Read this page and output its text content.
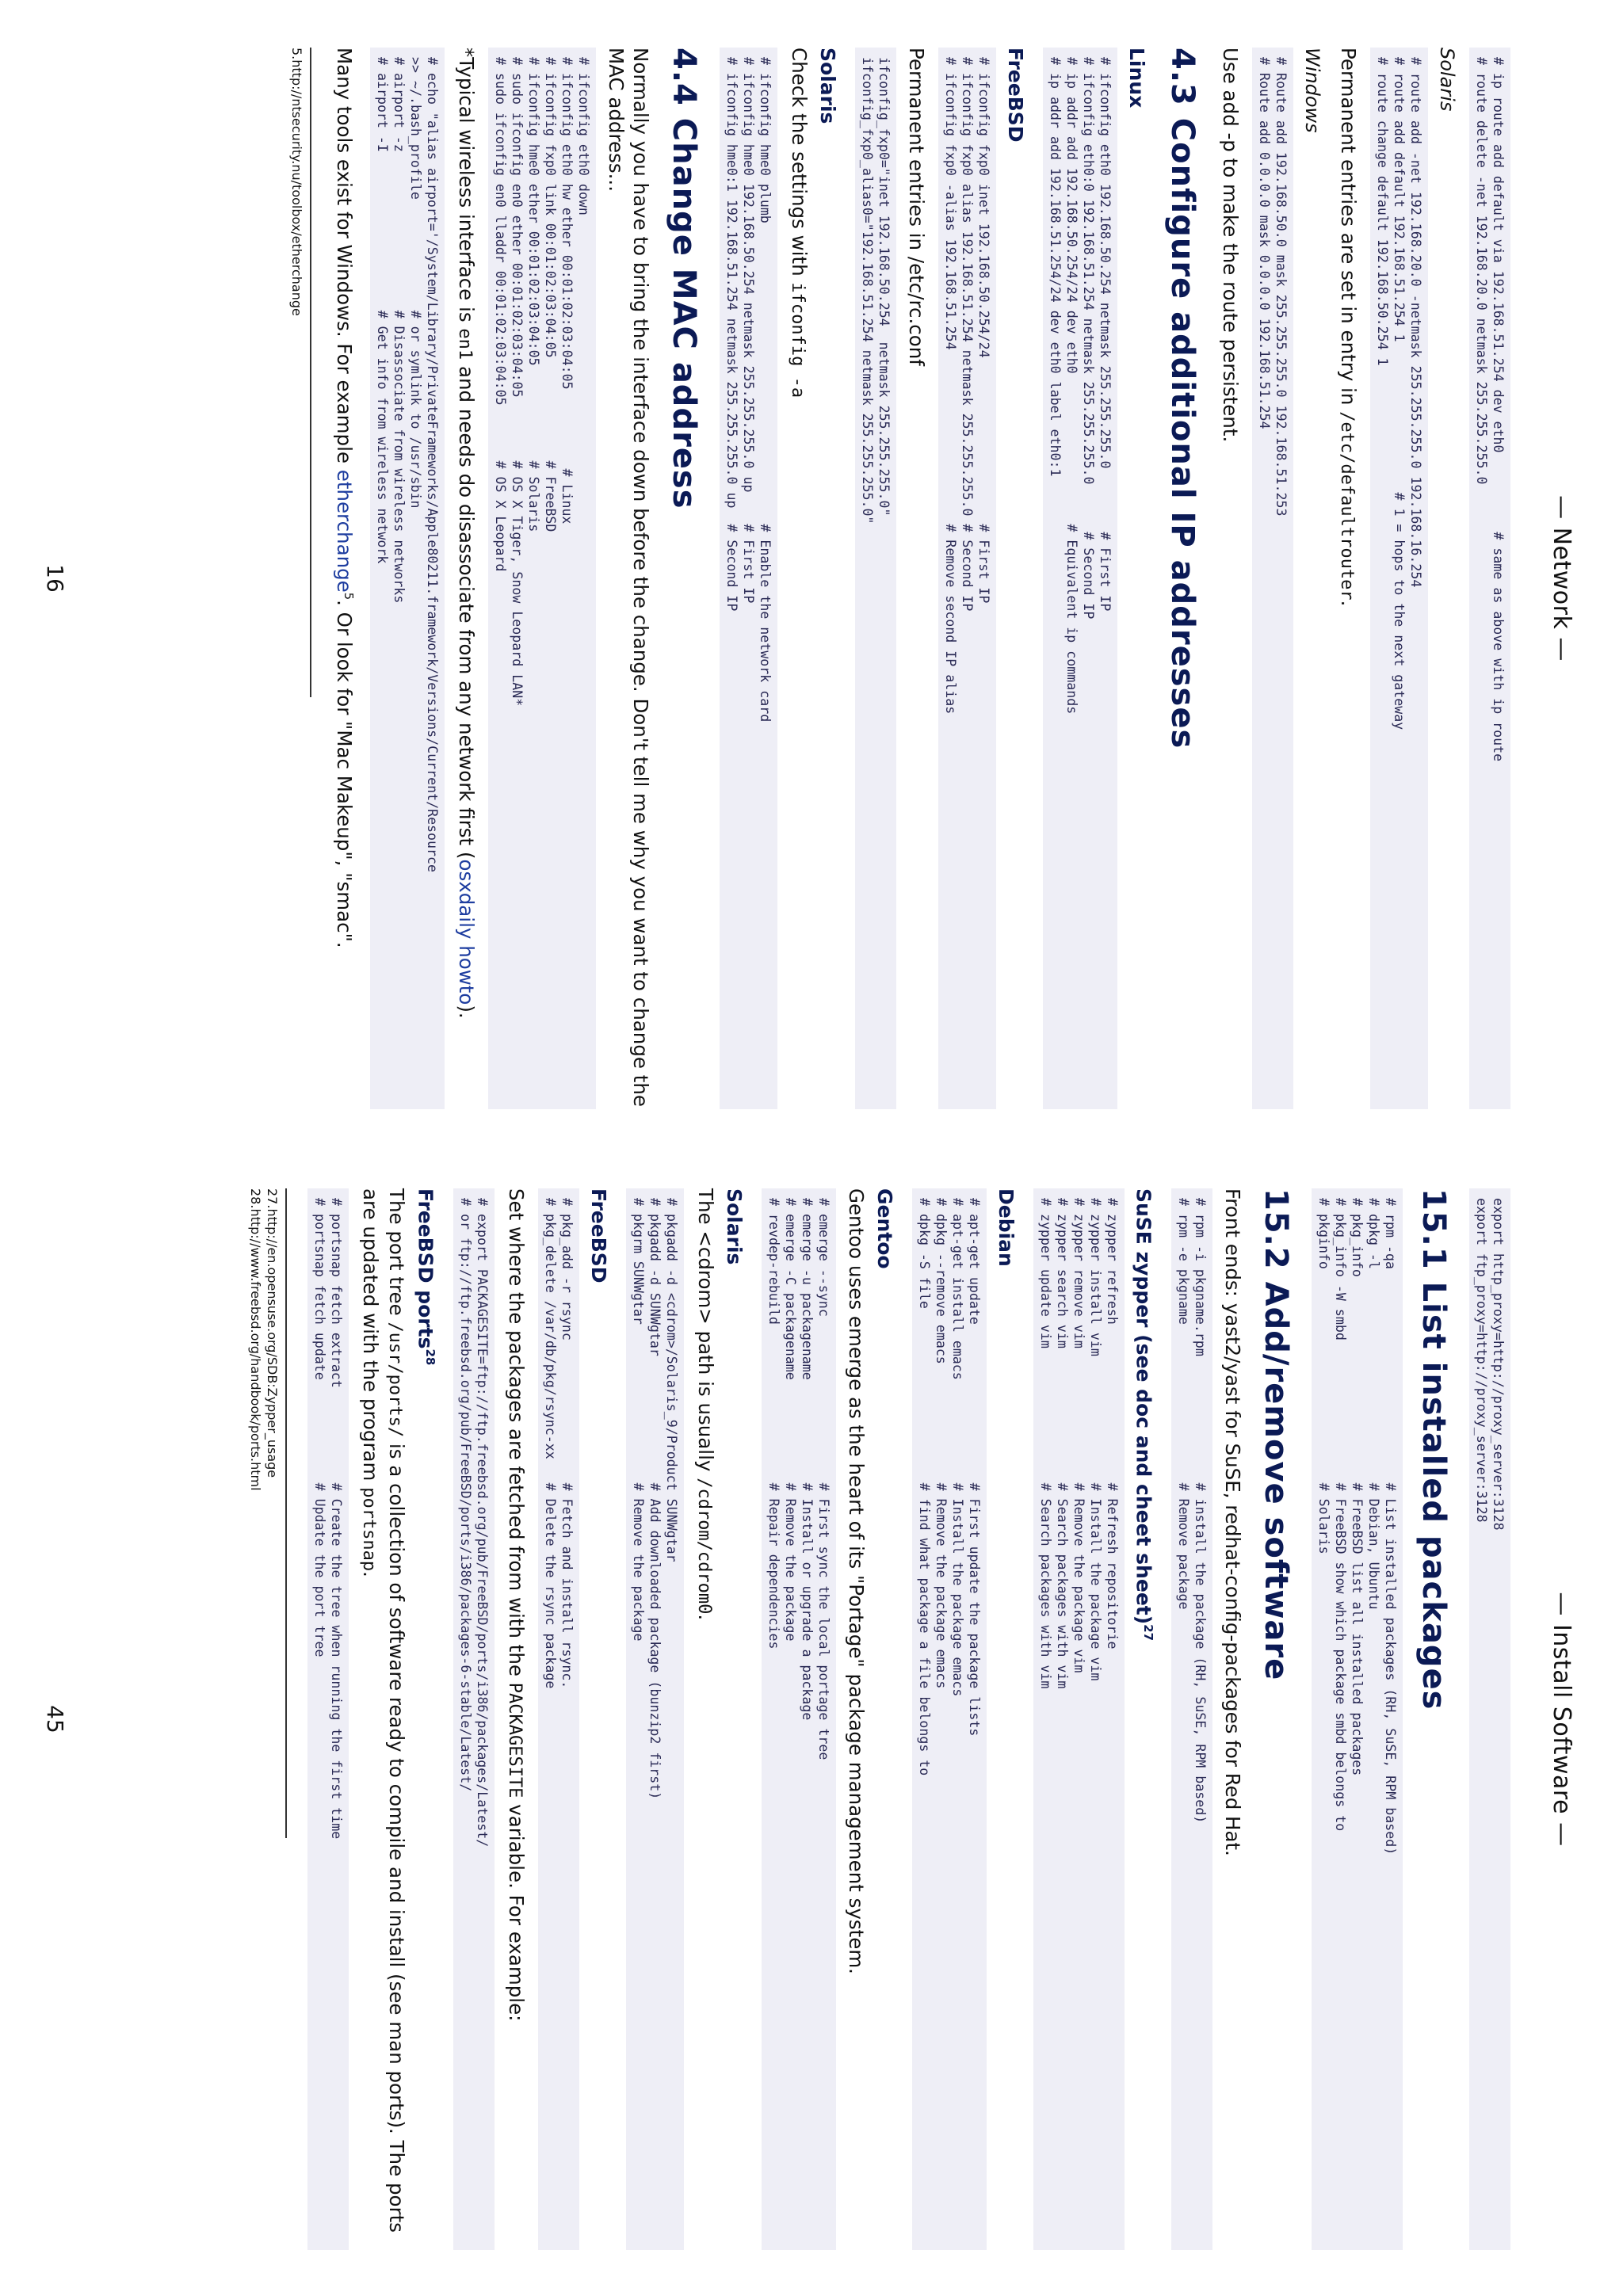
— Network —
# ip route add default via 192.168.51.254 dev eth0          # same as above with ip route
# route delete -net 192.168.20.0 netmask 255.255.255.0
Solaris
# route add -net 192.168.20.0 -netmask 255.255.255.0 192.168.16.254
# route add default 192.168.51.254 1                   # 1 = hops to the next gateway
# route change default 192.168.50.254 1
Permanent entries are set in entry in /etc/defaultrouter.
Windows
# Route add 192.168.50.0 mask 255.255.255.0 192.168.51.253
# Route add 0.0.0.0 mask 0.0.0.0 192.168.51.254
Use add -p to make the route persistent.
4.3 Configure additional IP addresses
Linux
# ifconfig eth0 192.168.50.254 netmask 255.255.255.0        # First IP
# ifconfig eth0:0 192.168.51.254 netmask 255.255.255.0      # Second IP
# ip addr add 192.168.50.254/24 dev eth0                   # Equivalent ip commands
# ip addr add 192.168.51.254/24 dev eth0 label eth0:1
FreeBSD
# ifconfig fxp0 inet 192.168.50.254/24                     # First IP
# ifconfig fxp0 alias 192.168.51.254 netmask 255.255.255.0 # Second IP
# ifconfig fxp0 -alias 192.168.51.254                      # Remove second IP alias
Permanent entries in /etc/rc.conf
ifconfig_fxp0="inet 192.168.50.254  netmask 255.255.255.0"
ifconfig_fxp0_alias0="192.168.51.254 netmask 255.255.255.0"
Solaris
Check the settings with ifconfig -a
# ifconfig hme0 plumb                                      # Enable the network card
# ifconfig hme0 192.168.50.254 netmask 255.255.255.0 up    # First IP
# ifconfig hme0:1 192.168.51.254 netmask 255.255.255.0 up  # Second IP
4.4 Change MAC address
Normally you have to bring the interface down before the change. Don't tell me why you want to change the MAC address...
# ifconfig eth0 down
# ifconfig eth0 hw ether 00:01:02:03:04:05          # Linux
# ifconfig fxp0 link 00:01:02:03:04:05             # FreeBSD
# ifconfig hme0 ether 00:01:02:03:04:05            # Solaris
# sudo ifconfig en0 ether 00:01:02:03:04:05        # OS X Tiger, Snow Leopard LAN*
# sudo ifconfig en0 lladdr 00:01:02:03:04:05       # OS X Leopard
*Typical wireless interface is en1 and needs do disassociate from any network first (osxdaily howto).
# echo "alias airport='/System/Library/PrivateFrameworks/Apple80211.framework/Versions/Current/Resource
>> ~/.bash_profile              # or symlink to /usr/sbin
# airport -z                    # Disassociate from wireless networks
# airport -I                    # Get info from wireless network
Many tools exist for Windows. For example etherchange$^5$. Or look for "Mac Makeup", "smac".
5.http://ntsecurity.nu/toolbox/etherchange
16
— Install Software —
export http_proxy=http://proxy_server:3128
export ftp_proxy=http://proxy_server:3128
15.1 List installed packages
# rpm -qa                           # List installed packages (RH, SuSE, RPM based)
# dpkg -l                           # Debian, Ubuntu
# pkg_info                          # FreeBSD list all installed packages
# pkg_info -W smbd                  # FreeBSD show which package smbd belongs to
# pkginfo                           # Solaris
15.2 Add/remove software
Front ends: yast2/yast for SuSE, redhat-config-packages for Red Hat.
# rpm -i pkgname.rpm                # install the package (RH, SuSE, RPM based)
# rpm -e pkgname                    # Remove package
SuSE zypper (see doc and cheet sheet)$^{27}$
# zypper refresh                    # Refresh repositorie
# zypper install vim                # Install the package vim
# zypper remove vim                 # Remove the package vim
# zypper search vim                 # Search packages with vim
# zypper update vim                 # Search packages with vim
Debian
# apt-get update                    # First update the package lists
# apt-get install emacs             # Install the package emacs
# dpkg --remove emacs               # Remove the package emacs
# dpkg -S file                      # find what package a file belongs to
Gentoo
Gentoo uses emerge as the heart of its "Portage" package management system.
# emerge --sync                     # First sync the local portage tree
# emerge -u packagename             # Install or upgrade a package
# emerge -C packagename             # Remove the package
# revdep-rebuild                    # Repair dependencies
Solaris
The <cdrom> path is usually /cdrom/cdrom0.
# pkgadd -d <cdrom>/Solaris_9/Product SUNWgtar
# pkgadd -d SUNWgtar                # Add downloaded package (bunzip2 first)
# pkgrm SUNWgtar                    # Remove the package
FreeBSD
# pkg_add -r rsync                  # Fetch and install rsync.
# pkg_delete /var/db/pkg/rsync-xx   # Delete the rsync package
Set where the packages are fetched from with the PACKAGESITE variable. For example:
# export PACKAGESITE=ftp://ftp.freebsd.org/pub/FreeBSD/ports/i386/packages/Latest/
# or ftp://ftp.freebsd.org/pub/FreeBSD/ports/i386/packages-6-stable/Latest/
FreeBSD ports$^{28}$
The port tree /usr/ports/ is a collection of software ready to compile and install (see man ports). The ports are updated with the program portsnap.
# portsnap fetch extract            # Create the tree when running the first time
# portsnap fetch update             # Update the port tree
27.http://en.opensuse.org/SDB:Zypper_usage
28.http://www.freebsd.org/handbook/ports.html
45
